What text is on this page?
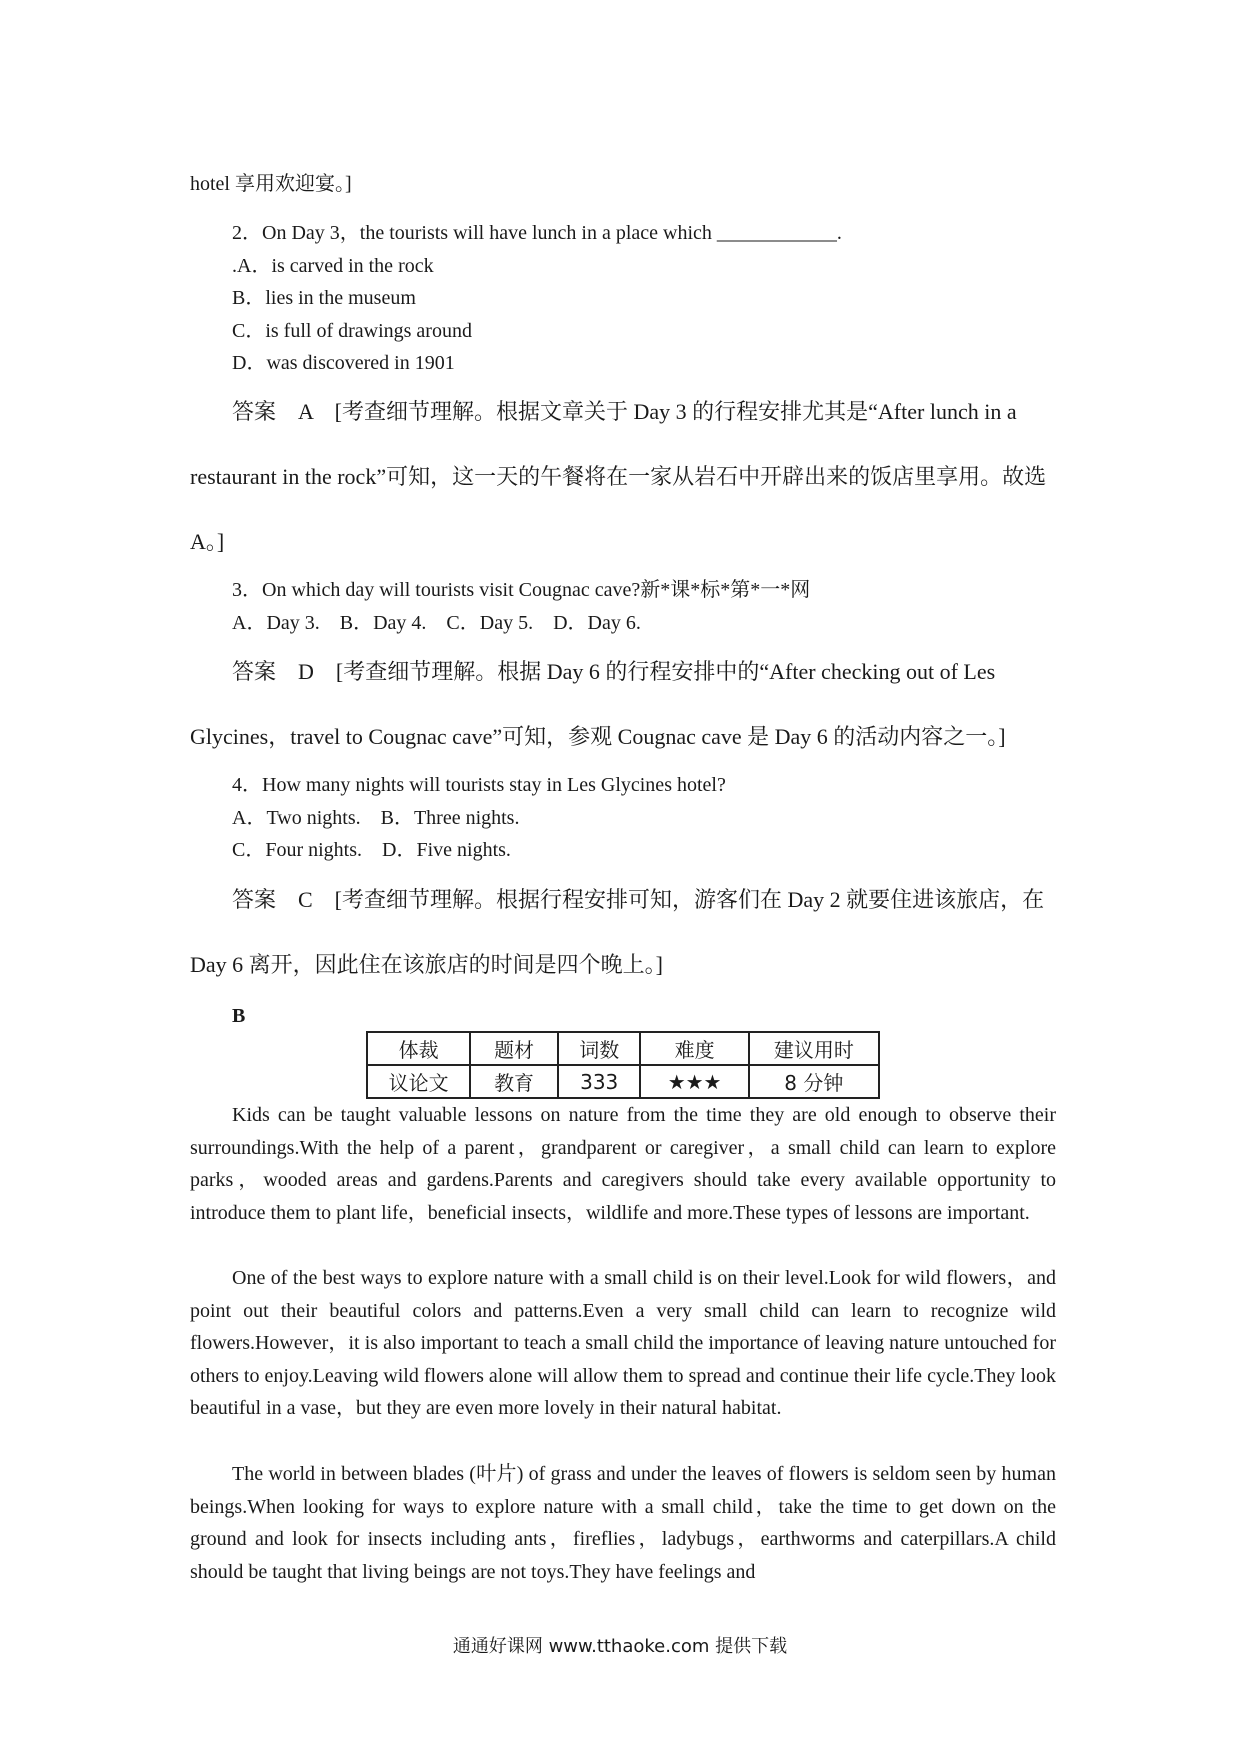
hotel 享用欢迎宴。]
2．On Day 3，the tourists will have lunch in a place which ____________.
.A．is carved in the rock
B．lies in the museum
C．is full of drawings around
D．was discovered in 1901
答案　A　[考查细节理解。根据文章关于 Day 3 的行程安排尤其是“After lunch in a
restaurant in the rock”可知，这一天的午餐将在一家从岩石中开辟出来的饭店里享用。故选
A。]
3．On which day will tourists visit Cougnac cave?新*课*标*第*一*网
A．Day 3.　B．Day 4.　C．Day 5.　D．Day 6.
答案　D　[考查细节理解。根据 Day 6 的行程安排中的“After checking out of Les
Glycines，travel to Cougnac cave”可知，参观 Cougnac cave 是 Day 6 的活动内容之一。]
4．How many nights will tourists stay in Les Glycines hotel?
A．Two nights.　B．Three nights.
C．Four nights.　D．Five nights.
答案　C　[考查细节理解。根据行程安排可知，游客们在 Day 2 就要住进该旅店，在
Day 6 离开，因此住在该旅店的时间是四个晚上。]
B
体裁	题材	词数	难度	建议用时
议论文	教育	333	★★★	8 分钟

Kids can be taught valuable lessons on nature from the time they are old enough to observe their surroundings.With the help of a parent，grandparent or caregiver，a small child can learn to explore parks，wooded areas and gardens.Parents and caregivers should take every available opportunity to introduce them to plant life，beneficial insects，wildlife and more.These types of lessons are important.

One of the best ways to explore nature with a small child is on their level.Look for wild flowers，and point out their beautiful colors and patterns.Even a very small child can learn to recognize wild flowers.However，it is also important to teach a small child the importance of leaving nature untouched for others to enjoy.Leaving wild flowers alone will allow them to spread and continue their life cycle.They look beautiful in a vase，but they are even more lovely in their natural habitat.

The world in between blades (叶片) of grass and under the leaves of flowers is seldom seen by human beings.When looking for ways to explore nature with a small child，take the time to get down on the ground and look for insects including ants，fireflies，ladybugs，earthworms and caterpillars.A child should be taught that living beings are not toys.They have feelings and

通通好课网 www.tthaoke.com 提供下载
